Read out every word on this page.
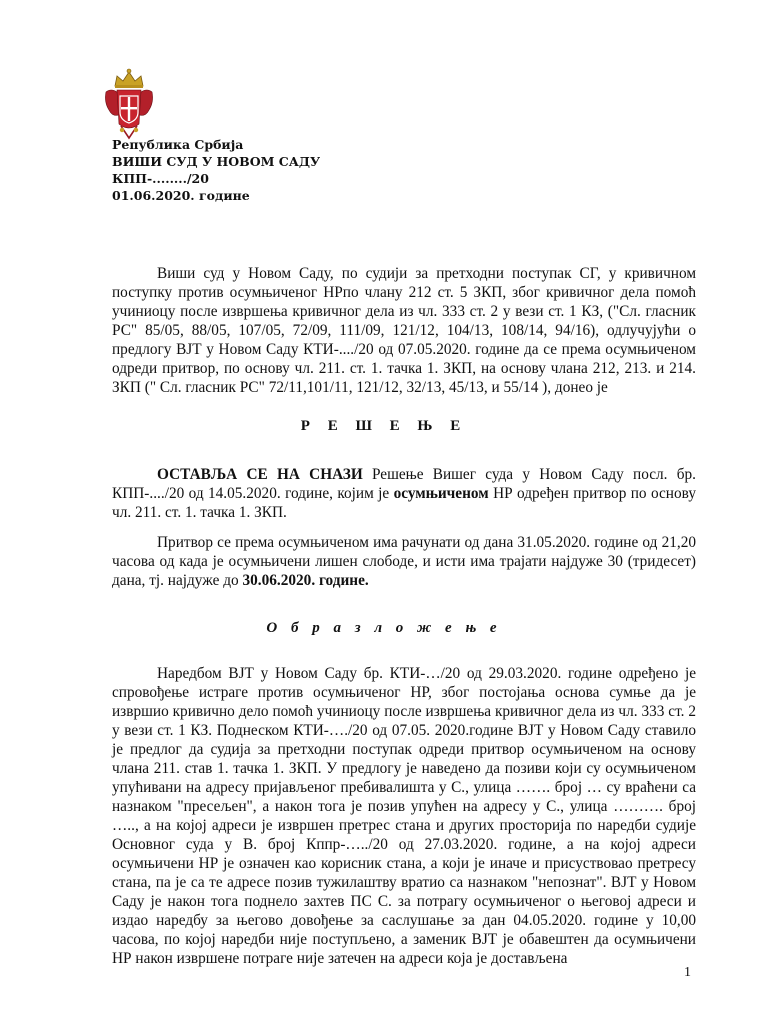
Република Србија
ВИШИ СУД У НОВОМ САДУ
КПП-......../20
01.06.2020. године

Виши суд у Новом Саду, по судији за претходни поступак СГ, у кривичном поступку против осумњиченог НРпо члану 212 ст. 5 ЗКП, због кривичног дела помоћ учиниоцу после извршења кривичног дела из чл. 333 ст. 2 у вези ст. 1 КЗ, ("Сл. гласник РС" 85/05, 88/05, 107/05, 72/09, 111/09, 121/12, 104/13, 108/14, 94/16), одлучујући о предлогу ВЈТ у Новом Саду КТИ-..../20 од 07.05.2020. године да се према осумњиченом одреди притвор, по основу чл. 211. ст. 1. тачка 1. ЗКП, на основу члана 212, 213. и 214. ЗКП (" Сл. гласник РС" 72/11,101/11, 121/12, 32/13, 45/13, и 55/14 ), донео је

Р Е Ш Е Њ Е

ОСТАВЉА СЕ НА СНАЗИ Решење Вишег суда у Новом Саду посл. бр. КПП-..../20 од 14.05.2020. године, којим је осумњиченом НР одређен притвор по основу чл. 211. ст. 1. тачка 1. ЗКП.

Притвор се према осумњиченом има рачунати од дана 31.05.2020. године од 21,20 часова од када је осумњичени лишен слободе, и исти има трајати најдуже 30 (тридесет) дана, тј. најдуже до 30.06.2020. године.

О б р а з л о ж е њ е

Наредбом ВЈТ у Новом Саду бр. КТИ-…/20 од 29.03.2020. године одређено је спровођење истраге против осумњиченог НР, због постојања основа сумње да је извршио кривично дело помоћ учиниоцу после извршења кривичног дела из чл. 333 ст. 2 у вези ст. 1 КЗ. Поднеском КТИ-…./20 од 07.05. 2020.године ВЈТ у Новом Саду ставило је предлог да судија за претходни поступак одреди притвор осумњиченом на основу члана 211. став 1. тачка 1. ЗКП. У предлогу је наведено да позиви који су осумњиченом упућивани на адресу пријављеног пребивалишта у С., улица ……. број … су враћени са назнаком "пресељен", а након тога је позив упућен на адресу у С., улица ………. број ….., а на којој адреси је извршен претрес стана и других просторија по наредби судије Основног суда у В. број Кппр-…../20 од 27.03.2020. године, а на којој адреси осумњичени НР је означен као корисник стана, а који је иначе и присуствовао претресу стана, па је са те адресе позив тужилаштву вратио са назнаком "непознат". ВЈТ у Новом Саду је након тога поднело захтев ПС С. за потрагу осумњиченог о његовој адреси и издао наредбу за његово довођење за саслушање за дан 04.05.2020. године у 10,00 часова, по којој наредби није поступљено, а заменик ВЈТ је обавештен да осумњичени НР након извршене потраге није затечен на адреси која је достављена

1
